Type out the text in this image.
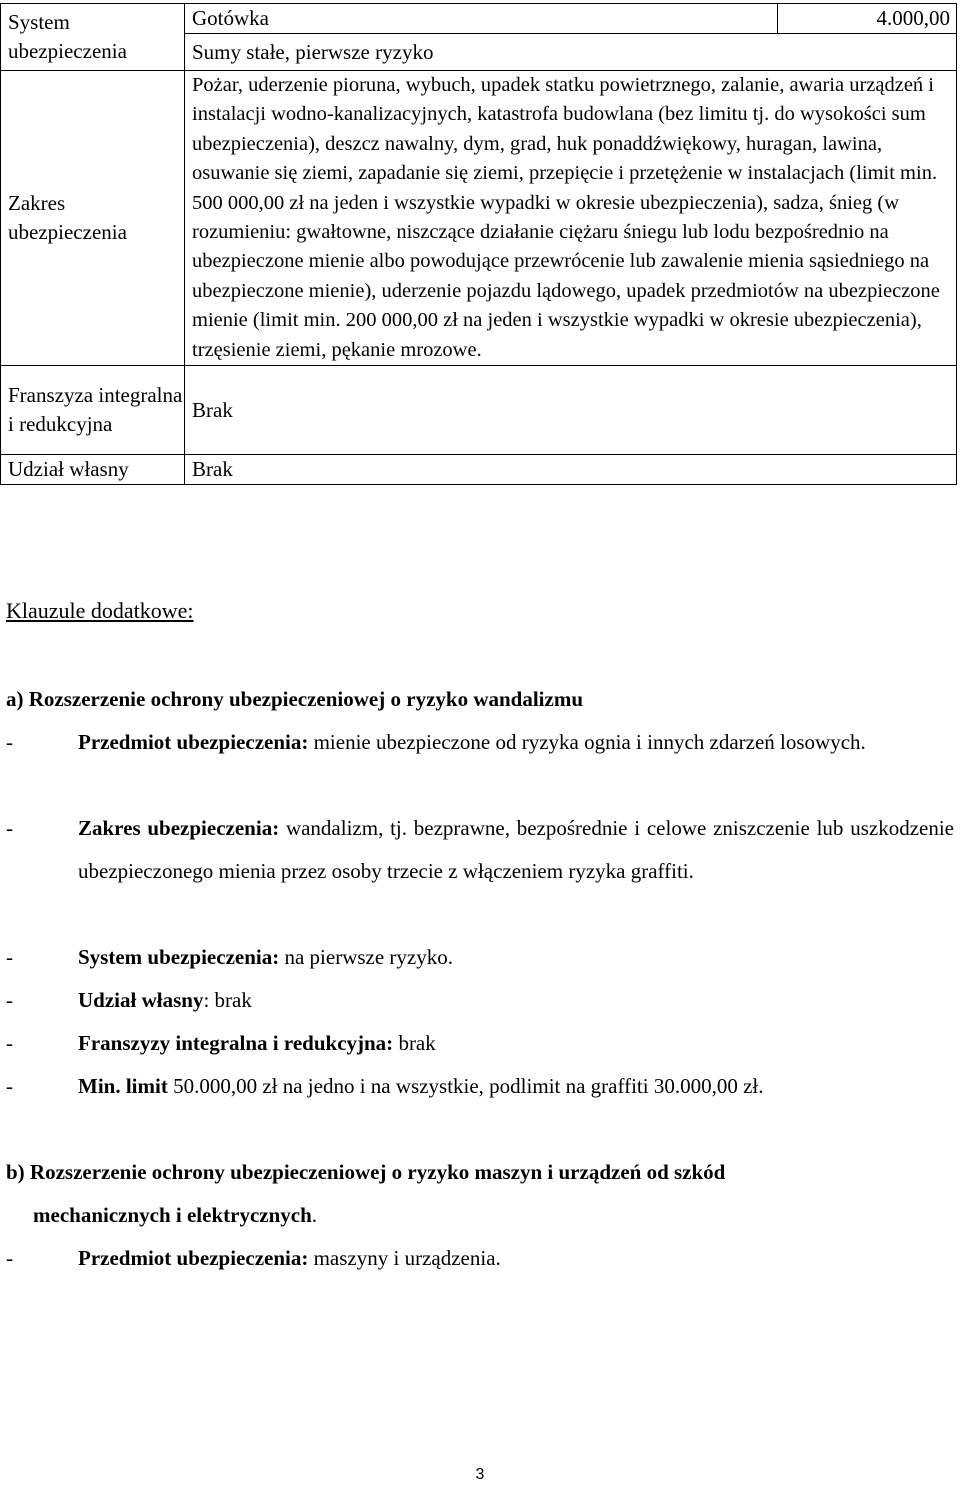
System ubezpieczenia	
Gotówka	4.000,00

Sumy stałe, pierwsze ryzyko
Zakres ubezpieczenia	Pożar, uderzenie pioruna, wybuch, upadek statku powietrznego, zalanie, awaria urządzeń i instalacji wodno-kanalizacyjnych, katastrofa budowlana (bez limitu tj. do wysokości sum ubezpieczenia), deszcz nawalny, dym, grad, huk ponaddźwiękowy, huragan, lawina, osuwanie się ziemi, zapadanie się ziemi, przepięcie i przetężenie w instalacjach (limit min. 500 000,00 zł na jeden i wszystkie wypadki w okresie ubezpieczenia), sadza, śnieg (w rozumieniu: gwałtowne, niszczące działanie ciężaru śniegu lub lodu bezpośrednio na ubezpieczone mienie albo powodujące przewrócenie lub zawalenie mienia sąsiedniego na ubezpieczone mienie), uderzenie pojazdu lądowego, upadek przedmiotów na ubezpieczone mienie (limit min. 200 000,00 zł na jeden i wszystkie wypadki w okresie ubezpieczenia), trzęsienie ziemi, pękanie mrozowe.
Franszyza integralna i redukcyjna	Brak
Udział własny	Brak
Klauzule dodatkowe:
a) Rozszerzenie ochrony ubezpieczeniowej o ryzyko wandalizmu
-	Przedmiot ubezpieczenia: mienie ubezpieczone od ryzyka ognia i innych zdarzeń losowych.
-	Zakres ubezpieczenia: wandalizm, tj. bezprawne, bezpośrednie i celowe zniszczenie lub uszkodzenie ubezpieczonego mienia przez osoby trzecie z włączeniem ryzyka graffiti.
-	System ubezpieczenia: na pierwsze ryzyko.
-	Udział własny: brak
-	Franszyzy integralna i redukcyjna: brak
-	Min. limit 50.000,00 zł na jedno i na wszystkie, podlimit na graffiti 30.000,00 zł.
b) Rozszerzenie ochrony ubezpieczeniowej o ryzyko maszyn i urządzeń od szkód
mechanicznych i elektrycznych.
-	Przedmiot ubezpieczenia: maszyny i urządzenia.
3
